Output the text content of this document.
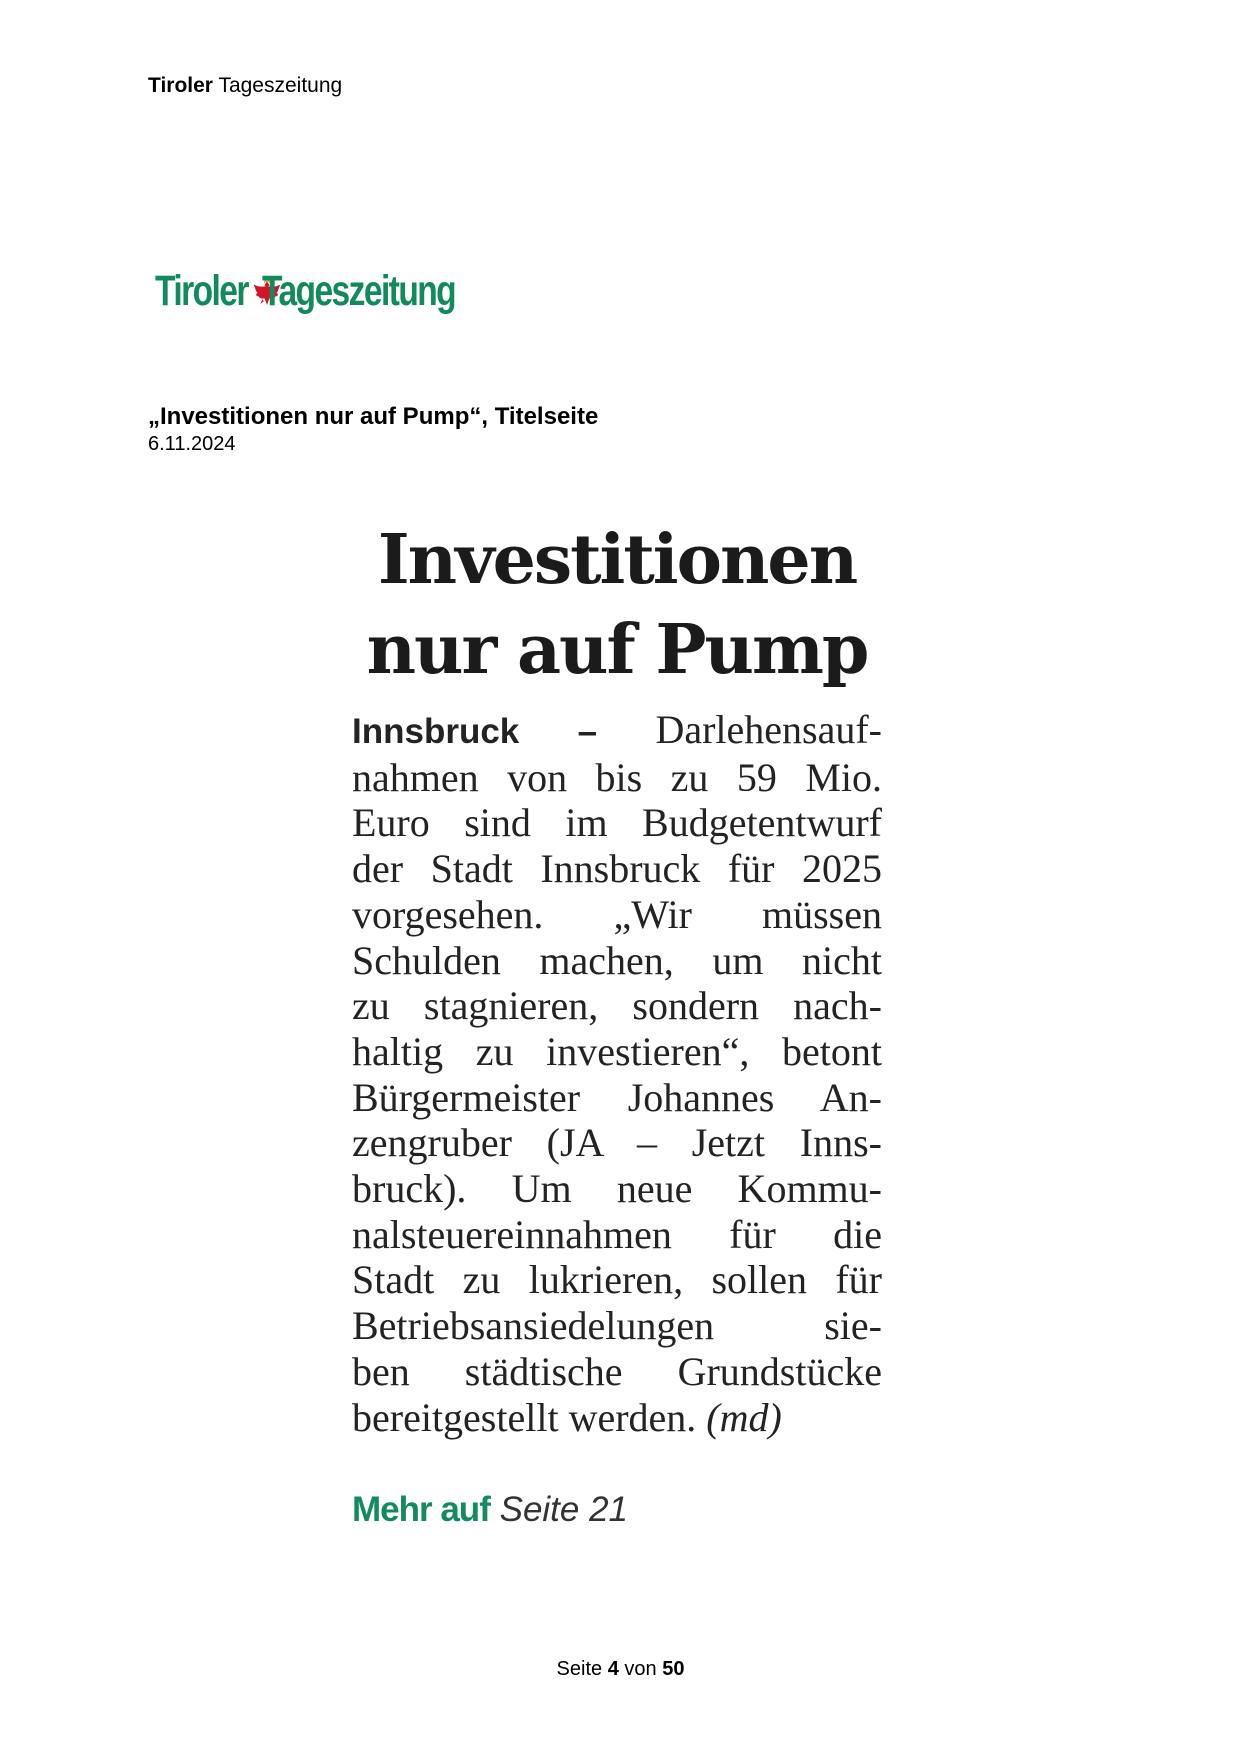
Tiroler Tageszeitung
Tiroler Tageszeitung
„Investitionen nur auf Pump“, Titelseite
6.11.2024
Investitionen
nur auf Pump
Innsbruck – Darlehensauf-
nahmen von bis zu 59 Mio.
Euro sind im Budgetentwurf
der Stadt Innsbruck für 2025
vorgesehen. „Wir müssen
Schulden machen, um nicht
zu stagnieren, sondern nach-
haltig zu investieren“, betont
Bürgermeister Johannes An-
zengruber (JA – Jetzt Inns-
bruck). Um neue Kommu-
nalsteuereinnahmen für die
Stadt zu lukrieren, sollen für
Betriebsansiedelungen sie-
ben städtische Grundstücke
bereitgestellt werden. (md)
Mehr auf Seite 21
Seite 4 von 50
